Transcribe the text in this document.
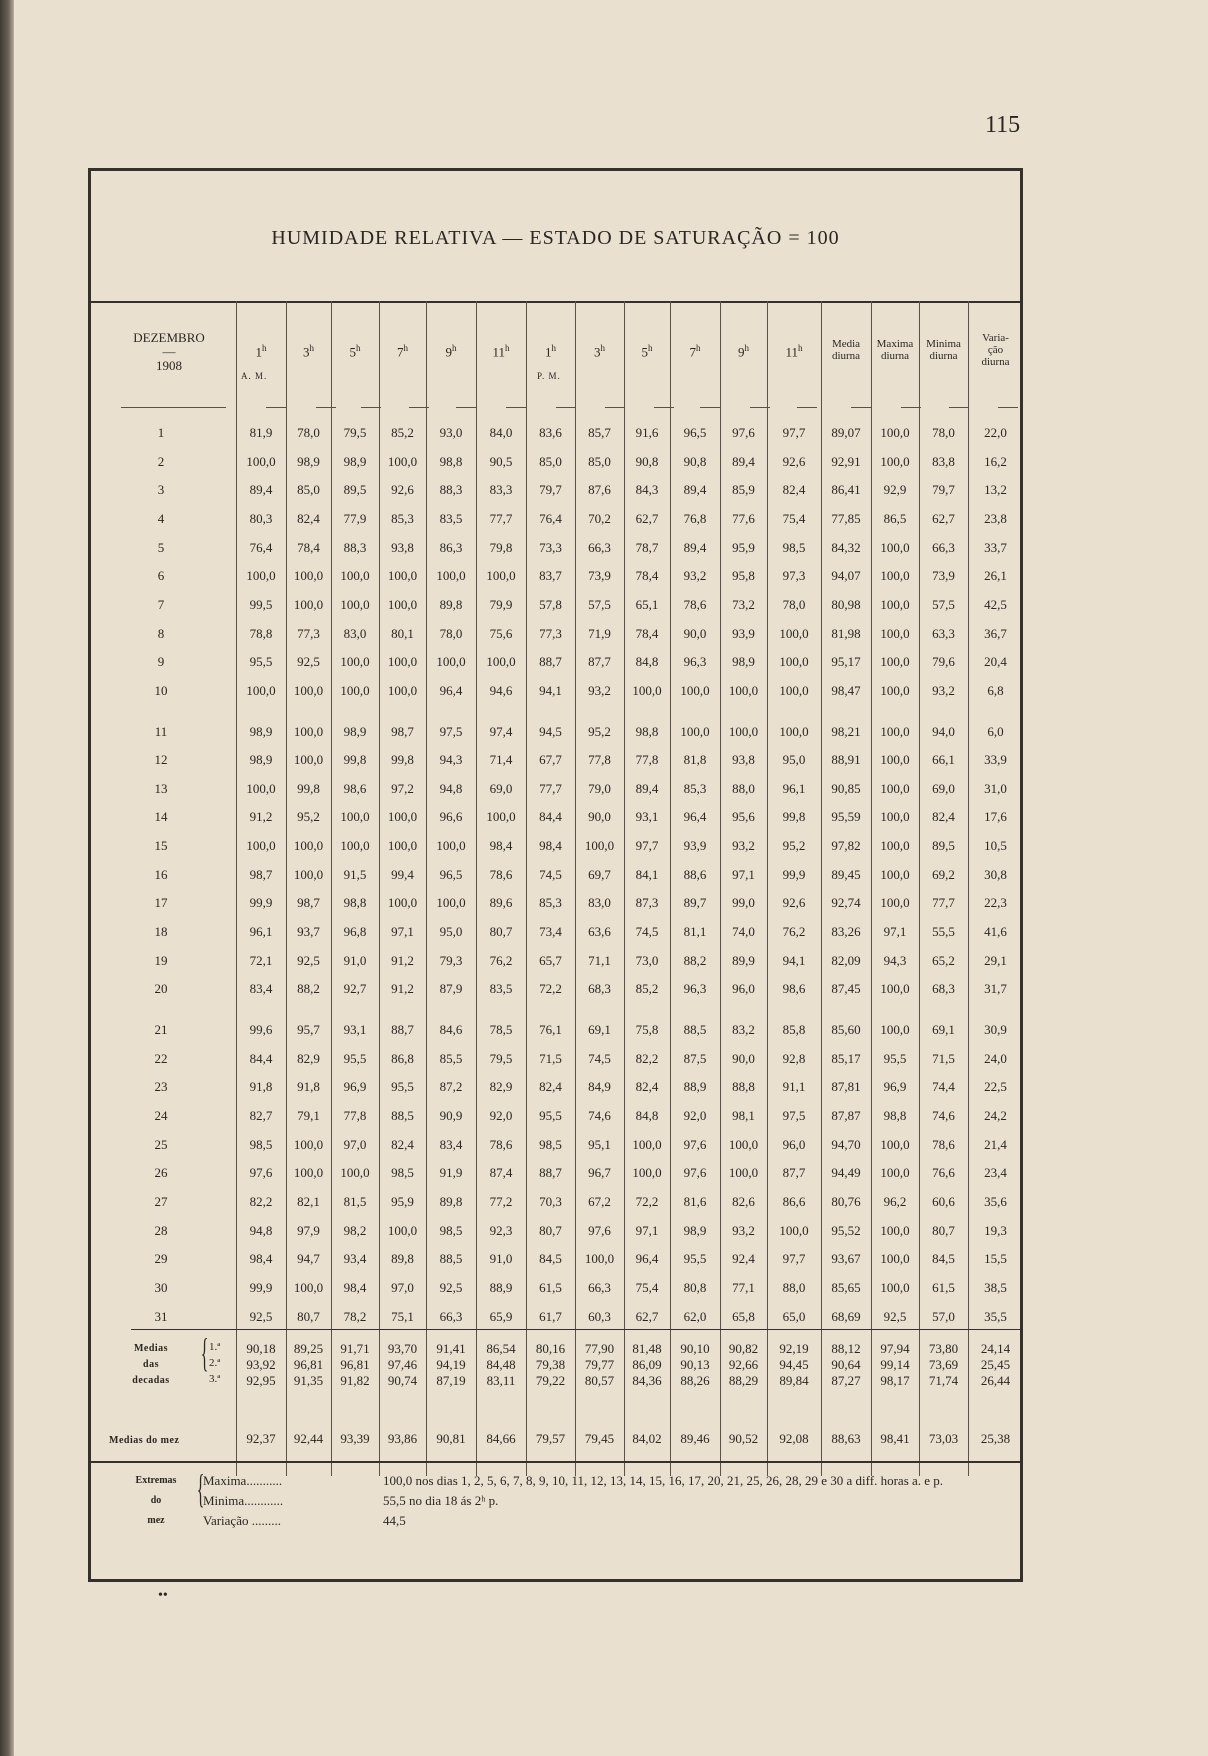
115
HUMIDADE RELATIVA — ESTADO DE SATURAÇÃO = 100
DEZEMBRO
—
1908
A. M.	P. M.
1$^h$	3$^h$	5$^h$	7$^h$	9$^h$	11$^h$	1$^h$	3$^h$	5$^h$	7$^h$	9$^h$	11$^h$	Media
diurna
Maxima
diurna
Minima
diurna
Varia-
ção
diurna
1	81,9	78,0	79,5	85,2	93,0	84,0	83,6	85,7	91,6	96,5	97,6	97,7	89,07	100,0	78,0	22,0
2	100,0	98,9	98,9	100,0	98,8	90,5	85,0	85,0	90,8	90,8	89,4	92,6	92,91	100,0	83,8	16,2
3	89,4	85,0	89,5	92,6	88,3	83,3	79,7	87,6	84,3	89,4	85,9	82,4	86,41	92,9	79,7	13,2
4	80,3	82,4	77,9	85,3	83,5	77,7	76,4	70,2	62,7	76,8	77,6	75,4	77,85	86,5	62,7	23,8
5	76,4	78,4	88,3	93,8	86,3	79,8	73,3	66,3	78,7	89,4	95,9	98,5	84,32	100,0	66,3	33,7
6	100,0	100,0	100,0	100,0	100,0	100,0	83,7	73,9	78,4	93,2	95,8	97,3	94,07	100,0	73,9	26,1
7	99,5	100,0	100,0	100,0	89,8	79,9	57,8	57,5	65,1	78,6	73,2	78,0	80,98	100,0	57,5	42,5
8	78,8	77,3	83,0	80,1	78,0	75,6	77,3	71,9	78,4	90,0	93,9	100,0	81,98	100,0	63,3	36,7
9	95,5	92,5	100,0	100,0	100,0	100,0	88,7	87,7	84,8	96,3	98,9	100,0	95,17	100,0	79,6	20,4
10	100,0	100,0	100,0	100,0	96,4	94,6	94,1	93,2	100,0	100,0	100,0	100,0	98,47	100,0	93,2	6,8
11	98,9	100,0	98,9	98,7	97,5	97,4	94,5	95,2	98,8	100,0	100,0	100,0	98,21	100,0	94,0	6,0
12	98,9	100,0	99,8	99,8	94,3	71,4	67,7	77,8	77,8	81,8	93,8	95,0	88,91	100,0	66,1	33,9
13	100,0	99,8	98,6	97,2	94,8	69,0	77,7	79,0	89,4	85,3	88,0	96,1	90,85	100,0	69,0	31,0
14	91,2	95,2	100,0	100,0	96,6	100,0	84,4	90,0	93,1	96,4	95,6	99,8	95,59	100,0	82,4	17,6
15	100,0	100,0	100,0	100,0	100,0	98,4	98,4	100,0	97,7	93,9	93,2	95,2	97,82	100,0	89,5	10,5
16	98,7	100,0	91,5	99,4	96,5	78,6	74,5	69,7	84,1	88,6	97,1	99,9	89,45	100,0	69,2	30,8
17	99,9	98,7	98,8	100,0	100,0	89,6	85,3	83,0	87,3	89,7	99,0	92,6	92,74	100,0	77,7	22,3
18	96,1	93,7	96,8	97,1	95,0	80,7	73,4	63,6	74,5	81,1	74,0	76,2	83,26	97,1	55,5	41,6
19	72,1	92,5	91,0	91,2	79,3	76,2	65,7	71,1	73,0	88,2	89,9	94,1	82,09	94,3	65,2	29,1
20	83,4	88,2	92,7	91,2	87,9	83,5	72,2	68,3	85,2	96,3	96,0	98,6	87,45	100,0	68,3	31,7
21	99,6	95,7	93,1	88,7	84,6	78,5	76,1	69,1	75,8	88,5	83,2	85,8	85,60	100,0	69,1	30,9
22	84,4	82,9	95,5	86,8	85,5	79,5	71,5	74,5	82,2	87,5	90,0	92,8	85,17	95,5	71,5	24,0
23	91,8	91,8	96,9	95,5	87,2	82,9	82,4	84,9	82,4	88,9	88,8	91,1	87,81	96,9	74,4	22,5
24	82,7	79,1	77,8	88,5	90,9	92,0	95,5	74,6	84,8	92,0	98,1	97,5	87,87	98,8	74,6	24,2
25	98,5	100,0	97,0	82,4	83,4	78,6	98,5	95,1	100,0	97,6	100,0	96,0	94,70	100,0	78,6	21,4
26	97,6	100,0	100,0	98,5	91,9	87,4	88,7	96,7	100,0	97,6	100,0	87,7	94,49	100,0	76,6	23,4
27	82,2	82,1	81,5	95,9	89,8	77,2	70,3	67,2	72,2	81,6	82,6	86,6	80,76	96,2	60,6	35,6
28	94,8	97,9	98,2	100,0	98,5	92,3	80,7	97,6	97,1	98,9	93,2	100,0	95,52	100,0	80,7	19,3
29	98,4	94,7	93,4	89,8	88,5	91,0	84,5	100,0	96,4	95,5	92,4	97,7	93,67	100,0	84,5	15,5
30	99,9	100,0	98,4	97,0	92,5	88,9	61,5	66,3	75,4	80,8	77,1	88,0	85,65	100,0	61,5	38,5
31	92,5	80,7	78,2	75,1	66,3	65,9	61,7	60,3	62,7	62,0	65,8	65,0	68,69	92,5	57,0	35,5
Medias
das
decadas
{ 1.ª
2.ª
3.ª
90,18	89,25	91,71	93,70	91,41	86,54	80,16	77,90	81,48	90,10	90,82	92,19	88,12	97,94	73,80	24,14
93,92	96,81	96,81	97,46	94,19	84,48	79,38	79,77	86,09	90,13	92,66	94,45	90,64	99,14	73,69	25,45
92,95	91,35	91,82	90,74	87,19	83,11	79,22	80,57	84,36	88,26	88,29	89,84	87,27	98,17	71,74	26,44
Medias do mez	92,37	92,44	93,39	93,86	90,81	84,66	79,57	79,45	84,02	89,46	90,52	92,08	88,63	98,41	73,03	25,38
Extremas
do
mez
{
Maxima...........	100,0 nos dias 1, 2, 5, 6, 7, 8, 9, 10, 11, 12, 13, 14, 15, 16, 17, 20, 21, 25, 26, 28, 29 e 30 a diff. horas a. e p.
Minima............	55,5 no dia 18 ás 2ʰ p.
Variação .........	44,5
••
